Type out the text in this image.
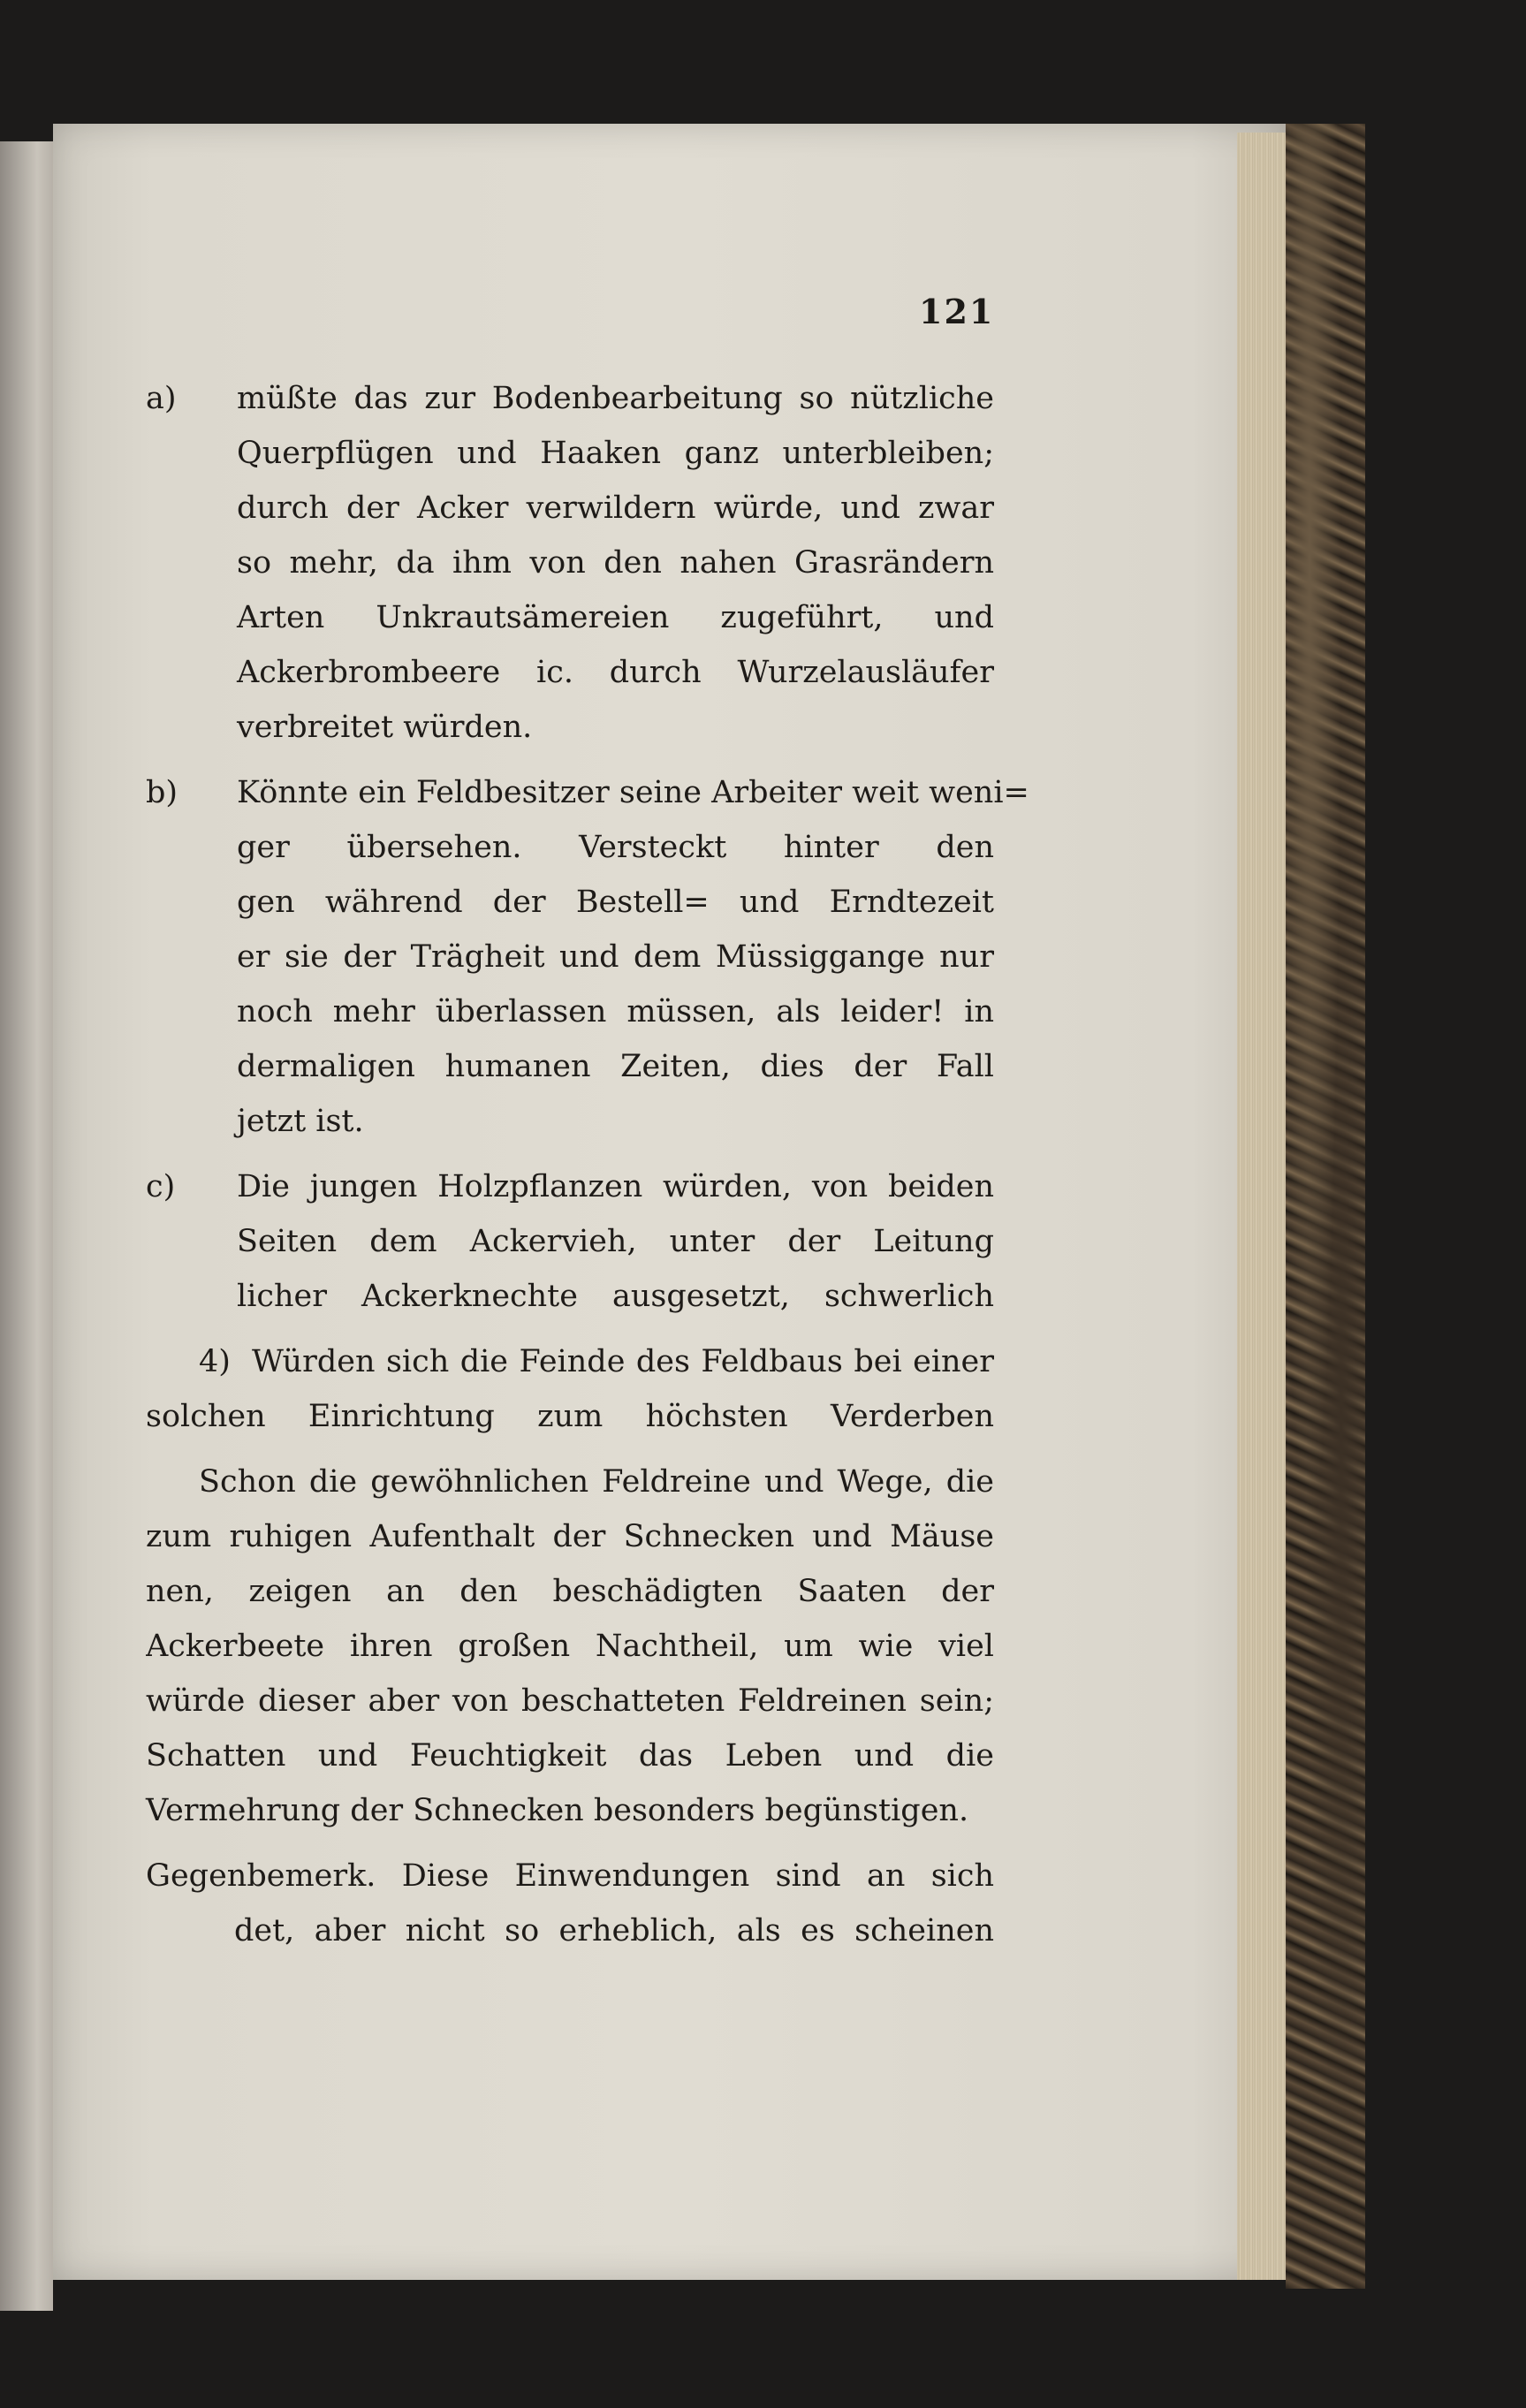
121
a)	müßte das zur Bodenbearbeitung so nützliche
Querpflügen und Haaken ganz unterbleiben;
durch der Acker verwildern würde, und zwar
so mehr, da ihm von den nahen Grasrändern
Arten Unkrautsämereien zugeführt, und
Ackerbrombeere ic. durch Wurzelausläufer
verbreitet würden.
b)	Könnte ein Feldbesitzer seine Arbeiter weit weni=
ger übersehen. Versteckt hinter den
gen während der Bestell= und Erndtezeit
er sie der Trägheit und dem Müssiggange nur
noch mehr überlassen müssen, als leider! in
dermaligen humanen Zeiten, dies der Fall
jetzt ist.
c)	Die jungen Holzpflanzen würden, von beiden
Seiten dem Ackervieh, unter der Leitung
licher Ackerknechte ausgesetzt, schwerlich
4) Würden sich die Feinde des Feldbaus bei einer
solchen Einrichtung zum höchsten Verderben
Schon die gewöhnlichen Feldreine und Wege, die
zum ruhigen Aufenthalt der Schnecken und Mäuse
nen, zeigen an den beschädigten Saaten der
Ackerbeete ihren großen Nachtheil, um wie viel
würde dieser aber von beschatteten Feldreinen sein;
Schatten und Feuchtigkeit das Leben und die
Vermehrung der Schnecken besonders begünstigen.
Gegenbemerk. Diese Einwendungen sind an sich
det, aber nicht so erheblich, als es scheinen
